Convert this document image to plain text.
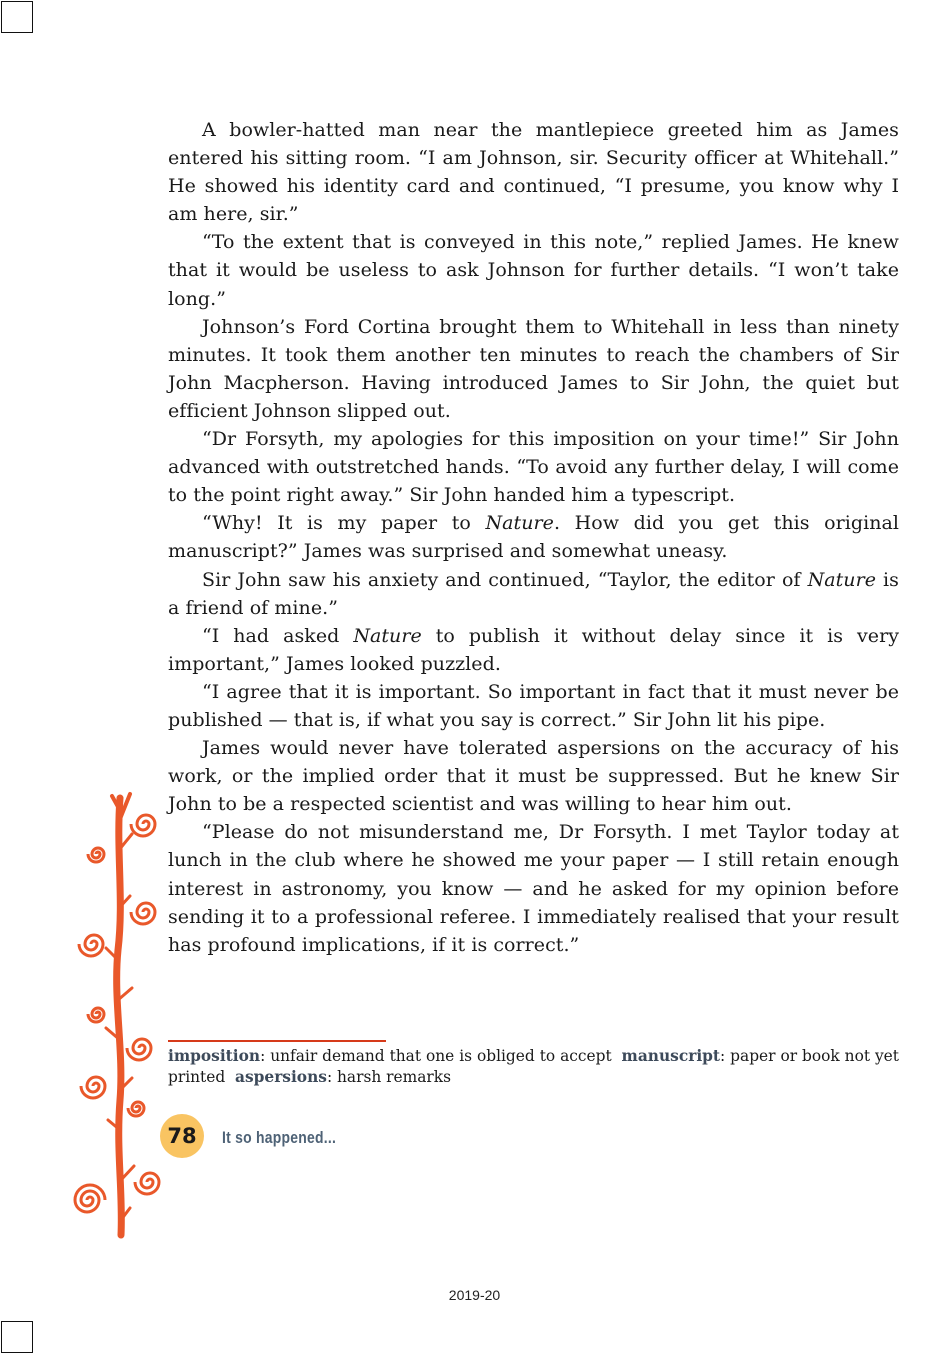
A bowler-hatted man near the mantlepiece greeted him as James entered his sitting room. “I am Johnson, sir. Security officer at Whitehall.” He showed his identity card and continued, “I presume, you know why I am here, sir.”

“To the extent that is conveyed in this note,” replied James. He knew that it would be useless to ask Johnson for further details. “I won’t take long.”

Johnson’s Ford Cortina brought them to Whitehall in less than ninety minutes. It took them another ten minutes to reach the chambers of Sir John Macpherson. Having introduced James to Sir John, the quiet but efficient Johnson slipped out.

“Dr Forsyth, my apologies for this imposition on your time!” Sir John advanced with outstretched hands. “To avoid any further delay, I will come to the point right away.” Sir John handed him a typescript.

“Why! It is my paper to Nature. How did you get this original manuscript?” James was surprised and somewhat uneasy.

Sir John saw his anxiety and continued, “Taylor, the editor of Nature is a friend of mine.”

“I had asked Nature to publish it without delay since it is very important,” James looked puzzled.

“I agree that it is important. So important in fact that it must never be published — that is, if what you say is correct.” Sir John lit his pipe.

James would never have tolerated aspersions on the accuracy of his work, or the implied order that it must be suppressed. But he knew Sir John to be a respected scientist and was willing to hear him out.

“Please do not misunderstand me, Dr Forsyth. I met Taylor today at lunch in the club where he showed me your paper — I still retain enough interest in astronomy, you know — and he asked for my opinion before sending it to a professional referee. I immediately realised that your result has profound implications, if it is correct.”

imposition: unfair demand that one is obliged to accept manuscript: paper or book not yet printed aspersions: harsh remarks

78 It so happened...
2019-20
